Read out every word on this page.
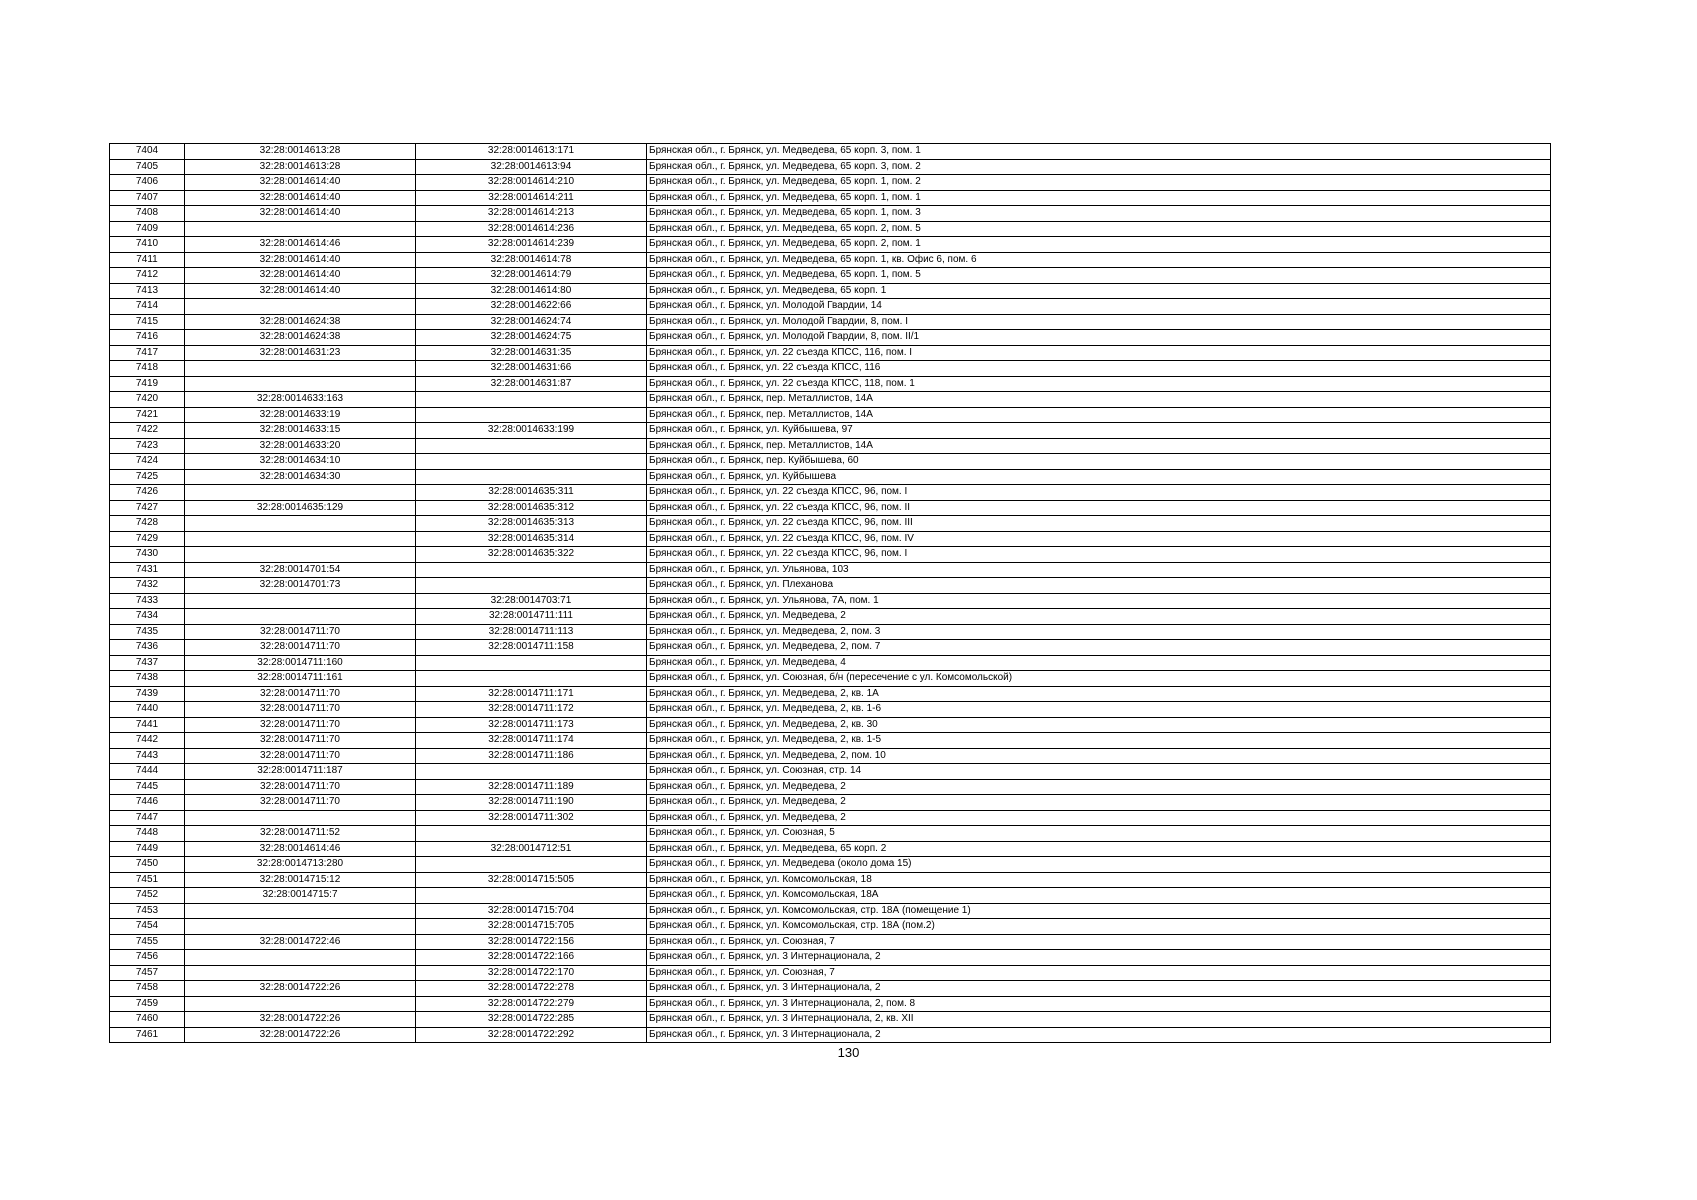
7404	32:28:0014613:28	32:28:0014613:171	Брянская обл., г. Брянск, ул. Медведева, 65 корп. 3, пом. 1
7405	32:28:0014613:28	32:28:0014613:94	Брянская обл., г. Брянск, ул. Медведева, 65 корп. 3, пом. 2
7406	32:28:0014614:40	32:28:0014614:210	Брянская обл., г. Брянск, ул. Медведева, 65 корп. 1, пом. 2
7407	32:28:0014614:40	32:28:0014614:211	Брянская обл., г. Брянск, ул. Медведева, 65 корп. 1, пом. 1
7408	32:28:0014614:40	32:28:0014614:213	Брянская обл., г. Брянск, ул. Медведева, 65 корп. 1, пом. 3
7409		32:28:0014614:236	Брянская обл., г. Брянск, ул. Медведева, 65 корп. 2, пом. 5
7410	32:28:0014614:46	32:28:0014614:239	Брянская обл., г. Брянск, ул. Медведева, 65 корп. 2, пом. 1
7411	32:28:0014614:40	32:28:0014614:78	Брянская обл., г. Брянск, ул. Медведева, 65 корп. 1, кв. Офис 6, пом. 6
7412	32:28:0014614:40	32:28:0014614:79	Брянская обл., г. Брянск, ул. Медведева, 65 корп. 1, пом. 5
7413	32:28:0014614:40	32:28:0014614:80	Брянская обл., г. Брянск, ул. Медведева, 65 корп. 1
7414		32:28:0014622:66	Брянская обл., г. Брянск, ул. Молодой Гвардии, 14
7415	32:28:0014624:38	32:28:0014624:74	Брянская обл., г. Брянск, ул. Молодой Гвардии, 8, пом. I
7416	32:28:0014624:38	32:28:0014624:75	Брянская обл., г. Брянск, ул. Молодой Гвардии, 8, пом. II/1
7417	32:28:0014631:23	32:28:0014631:35	Брянская обл., г. Брянск, ул. 22 съезда КПСС, 116, пом. I
7418		32:28:0014631:66	Брянская обл., г. Брянск, ул. 22 съезда КПСС, 116
7419		32:28:0014631:87	Брянская обл., г. Брянск, ул. 22 съезда КПСС, 118, пом. 1
7420	32:28:0014633:163		Брянская обл., г. Брянск, пер. Металлистов, 14А
7421	32:28:0014633:19		Брянская обл., г. Брянск, пер. Металлистов, 14А
7422	32:28:0014633:15	32:28:0014633:199	Брянская обл., г. Брянск, ул. Куйбышева, 97
7423	32:28:0014633:20		Брянская обл., г. Брянск, пер. Металлистов, 14А
7424	32:28:0014634:10		Брянская обл., г. Брянск, пер. Куйбышева, 60
7425	32:28:0014634:30		Брянская обл., г. Брянск, ул. Куйбышева
7426		32:28:0014635:311	Брянская обл., г. Брянск, ул. 22 съезда КПСС, 96, пом. I
7427	32:28:0014635:129	32:28:0014635:312	Брянская обл., г. Брянск, ул. 22 съезда КПСС, 96, пом. II
7428		32:28:0014635:313	Брянская обл., г. Брянск, ул. 22 съезда КПСС, 96, пом. III
7429		32:28:0014635:314	Брянская обл., г. Брянск, ул. 22 съезда КПСС, 96, пом. IV
7430		32:28:0014635:322	Брянская обл., г. Брянск, ул. 22 съезда КПСС, 96, пом. I
7431	32:28:0014701:54		Брянская обл., г. Брянск, ул. Ульянова, 103
7432	32:28:0014701:73		Брянская обл., г. Брянск, ул. Плеханова
7433		32:28:0014703:71	Брянская обл., г. Брянск, ул. Ульянова, 7А, пом. 1
7434		32:28:0014711:111	Брянская обл., г. Брянск, ул. Медведева, 2
7435	32:28:0014711:70	32:28:0014711:113	Брянская обл., г. Брянск, ул. Медведева, 2, пом. 3
7436	32:28:0014711:70	32:28:0014711:158	Брянская обл., г. Брянск, ул. Медведева, 2, пом. 7
7437	32:28:0014711:160		Брянская обл., г. Брянск, ул. Медведева, 4
7438	32:28:0014711:161		Брянская обл., г. Брянск, ул. Союзная, б/н (пересечение с ул. Комсомольской)
7439	32:28:0014711:70	32:28:0014711:171	Брянская обл., г. Брянск, ул. Медведева, 2, кв. 1А
7440	32:28:0014711:70	32:28:0014711:172	Брянская обл., г. Брянск, ул. Медведева, 2, кв. 1-6
7441	32:28:0014711:70	32:28:0014711:173	Брянская обл., г. Брянск, ул. Медведева, 2, кв. 30
7442	32:28:0014711:70	32:28:0014711:174	Брянская обл., г. Брянск, ул. Медведева, 2, кв. 1-5
7443	32:28:0014711:70	32:28:0014711:186	Брянская обл., г. Брянск, ул. Медведева, 2, пом. 10
7444	32:28:0014711:187		Брянская обл., г. Брянск, ул. Союзная, стр. 14
7445	32:28:0014711:70	32:28:0014711:189	Брянская обл., г. Брянск, ул. Медведева, 2
7446	32:28:0014711:70	32:28:0014711:190	Брянская обл., г. Брянск, ул. Медведева, 2
7447		32:28:0014711:302	Брянская обл., г. Брянск, ул. Медведева, 2
7448	32:28:0014711:52		Брянская обл., г. Брянск, ул. Союзная, 5
7449	32:28:0014614:46	32:28:0014712:51	Брянская обл., г. Брянск, ул. Медведева, 65 корп. 2
7450	32:28:0014713:280		Брянская обл., г. Брянск, ул. Медведева (около дома 15)
7451	32:28:0014715:12	32:28:0014715:505	Брянская обл., г. Брянск, ул. Комсомольская, 18
7452	32:28:0014715:7		Брянская обл., г. Брянск, ул. Комсомольская, 18А
7453		32:28:0014715:704	Брянская обл., г. Брянск, ул. Комсомольская, стр. 18А (помещение 1)
7454		32:28:0014715:705	Брянская обл., г. Брянск, ул. Комсомольская, стр. 18А (пом.2)
7455	32:28:0014722:46	32:28:0014722:156	Брянская обл., г. Брянск, ул. Союзная, 7
7456		32:28:0014722:166	Брянская обл., г. Брянск, ул. 3 Интернационала, 2
7457		32:28:0014722:170	Брянская обл., г. Брянск, ул. Союзная, 7
7458	32:28:0014722:26	32:28:0014722:278	Брянская обл., г. Брянск, ул. 3 Интернационала, 2
7459		32:28:0014722:279	Брянская обл., г. Брянск, ул. 3 Интернационала, 2, пом. 8
7460	32:28:0014722:26	32:28:0014722:285	Брянская обл., г. Брянск, ул. 3 Интернационала, 2, кв. XII
7461	32:28:0014722:26	32:28:0014722:292	Брянская обл., г. Брянск, ул. 3 Интернационала, 2
130
